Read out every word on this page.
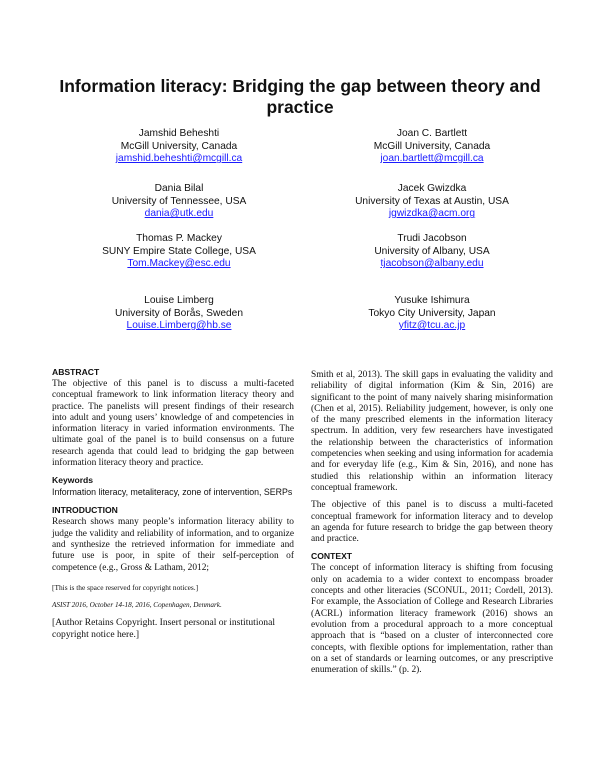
Information literacy: Bridging the gap between theory and practice
Jamshid Beheshti
McGill University, Canada
jamshid.beheshti@mcgill.ca
Joan C. Bartlett
McGill University, Canada
joan.bartlett@mcgill.ca
Dania Bilal
University of Tennessee, USA
dania@utk.edu
Jacek Gwizdka
University of Texas at Austin, USA
jgwizdka@acm.org
Thomas P. Mackey
SUNY Empire State College, USA
Tom.Mackey@esc.edu
Trudi Jacobson
University of Albany, USA
tjacobson@albany.edu
Louise Limberg
University of Borås, Sweden
Louise.Limberg@hb.se
Yusuke Ishimura
Tokyo City University, Japan
yfitz@tcu.ac.jp

ABSTRACT

The objective of this panel is to discuss a multi-faceted conceptual framework to link information literacy theory and practice. The panelists will present findings of their research into adult and young users’ knowledge of and competencies in information literacy in varied information environments. The ultimate goal of the panel is to build consensus on a future research agenda that could lead to bridging the gap between information literacy theory and practice.

Keywords

Information literacy, metaliteracy, zone of intervention, SERPs

INTRODUCTION

Research shows many people’s information literacy ability to judge the validity and reliability of information, and to organize and synthesize the retrieved information for immediate and future use is poor, in spite of their self-perception of competence (e.g., Gross & Latham, 2012;

[This is the space reserved for copyright notices.]
ASIST 2016, October 14-18, 2016, Copenhagen, Denmark.
[Author Retains Copyright. Insert personal or institutional copyright notice here.]

Smith et al, 2013). The skill gaps in evaluating the validity and reliability of digital information (Kim & Sin, 2016) are significant to the point of many naively sharing misinformation (Chen et al, 2015). Reliability judgement, however, is only one of the many prescribed elements in the information literacy spectrum. In addition, very few researchers have investigated the relationship between the characteristics of information competencies when seeking and using information for academia and for everyday life (e.g., Kim & Sin, 2016), and none has studied this relationship within an information literacy conceptual framework.

The objective of this panel is to discuss a multi-faceted conceptual framework for information literacy and to develop an agenda for future research to bridge the gap between theory and practice.

CONTEXT

The concept of information literacy is shifting from focusing only on academia to a wider context to encompass broader concepts and other literacies (SCONUL, 2011; Cordell, 2013). For example, the Association of College and Research Libraries (ACRL) information literacy framework (2016) shows an evolution from a procedural approach to a more conceptual approach that is “based on a cluster of interconnected core concepts, with flexible options for implementation, rather than on a set of standards or learning outcomes, or any prescriptive enumeration of skills.” (p. 2).
